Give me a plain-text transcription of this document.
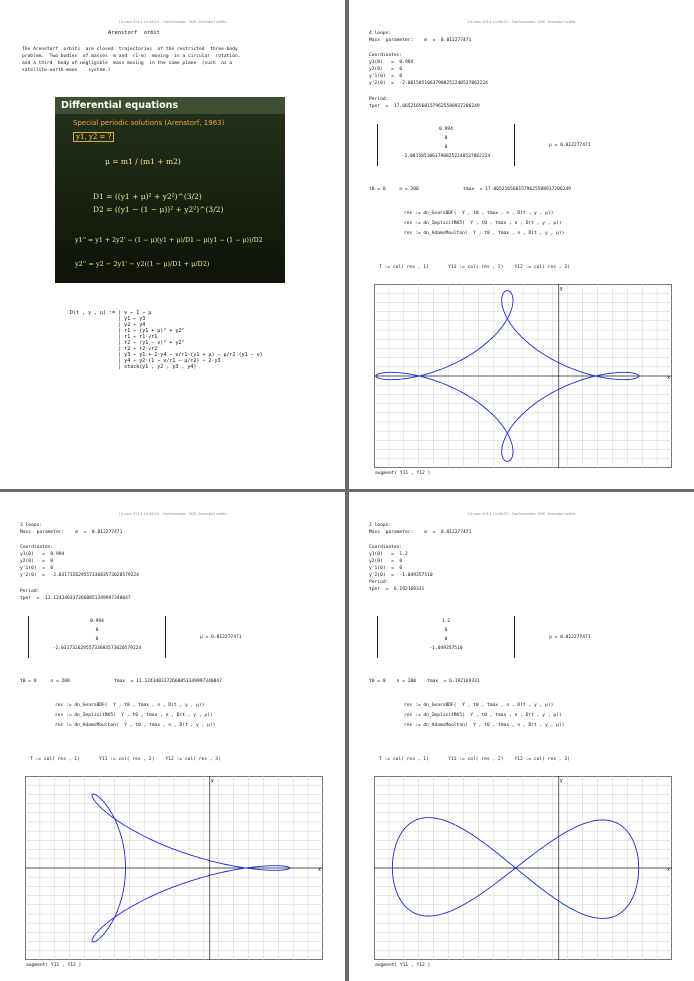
14 июл 2013 14:38:21 - Dorfzometos. ODE. Arenstorf orbits
Arenstorf  orbit
The Arenstorf  orbits  are closed  trajectories  of the restricted  three-body
problem.  Two bodies  of masses  m and  (1-m)  moving  in a circular  rotation,
and a third  body of negligible  mass moving  in the same plane  (such  as a
satellite-earth-moon    system.)
Differential equations
Special periodic solutions (Arenstorf, 1963)
y1, y2 = ?
μ = m1 / (m1 + m2)
D1 = ((y1 + μ)² + y2²)^(3/2)
D2 = ((y1 − (1 − μ))² + y2²)^(3/2)
y1'' = y1 + 2y2' − (1 − μ)(y1 + μ)/D1 − μ(y1 − (1 − μ))/D2
y2'' = y2 − 2y1' − y2((1 − μ)/D1 + μ/D2)
D(t , y , μ) := | ν ← 1 − μ
| y1 ← y3
| y2 ← y4
| r1 ← (y1 + μ)² + y2²
| r1 ← r1·√r1
| r2 ← (y1 − ν)² + y2²
| r2 ← r2·√r2
| y3 ← y1 + 2·y4 − ν/r1·(y1 + μ) − μ/r2·(y1 − ν)
| y4 ← y2·(1 − ν/r1 − μ/r2) − 2·y3
| stack(y1 , y2 , y3 , y4)
14 июл 2013 14:38:21 - Dorfzometos. ODE. Arenstorf orbits
4 loops:
Mass  parameter:    m  =  0.012277471
Coordinates:
y1(0)   =  0.994
y2(0)   =  0
y'1(0)  =  0
y'2(0)  =  -2.00158510637908252240537862224
Period:
tper  =  17.0652165601579625588917206249
0.994
0
0
-2.00158510637908252240537862224
μ = 0.012277471
t0 = 0     n = 200                tmax  = 17.0652165601579625588917206249
res := dn_GearsBDF(  Y , t0 , tmax , n , D(t , y , μ))
res := dn_ImplicitRK5(  Y , t0 , tmax , n , D(t , y , μ))
res := dn_AdamsMoulton(  Y , t0 , tmax , n , D(t , y , μ))
T := col( res , 1)       Y11 := col( res , 2)    Y12 := col( res , 3)
x
y
augment( Y11 , Y12 )
14 июл 2013 14:38:21 - Dorfzometos. ODE. Arenstorf orbits
3 loops:
Mass  parameter:    m  =  0.012277471
Coordinates:
y1(0)   =  0.994
y2(0)   =  0
y'1(0)  =  0
y'2(0)  =  -2.03173262955733683573020579224
Period:
tper  =  11.1243403372660851349997340047
0.994
0
0
-2.03173262955733683573020579224
μ = 0.012277471
t0 = 0     n = 200                tmax  = 11.1243403372660851349997340047
res := dn_GearsBDF(  Y , t0 , tmax , n , D(t , y , μ))
res := dn_ImplicitRK5(  Y , t0 , tmax , n , D(t , y , μ))
res := dn_AdamsMoulton(  Y , t0 , tmax , n , D(t , y , μ))
T := col( res , 1)       Y11 := col( res , 2)    Y12 := col( res , 3)
x
y
augment( Y11 , Y12 )
14 июл 2013 14:38:21 - Dorfzometos. ODE. Arenstorf orbits
2 loops:
Mass  parameter:    m  =  0.012277471
Coordinates:
y1(0)   =  1.2
y2(0)   =  0
y'1(0)  =  0
y'2(0)  =  -1.049357510
Period:
tper  =  6.192169331
1.2
0
0
-1.049357510
μ = 0.012277471
t0 = 0    n = 200    tmax  = 6.192169331
res := dn_GearsBDF(  Y , t0 , tmax , n , D(t , y , μ))
res := dn_ImplicitRK5(  Y , t0 , tmax , n , D(t , y , μ))
res := dn_AdamsMoulton(  Y , t0 , tmax , n , D(t , y , μ))
T := col( res , 1)       Y11 := col( res , 2)    Y12 := col( res , 3)
x
y
augment( Y11 , Y12 )
